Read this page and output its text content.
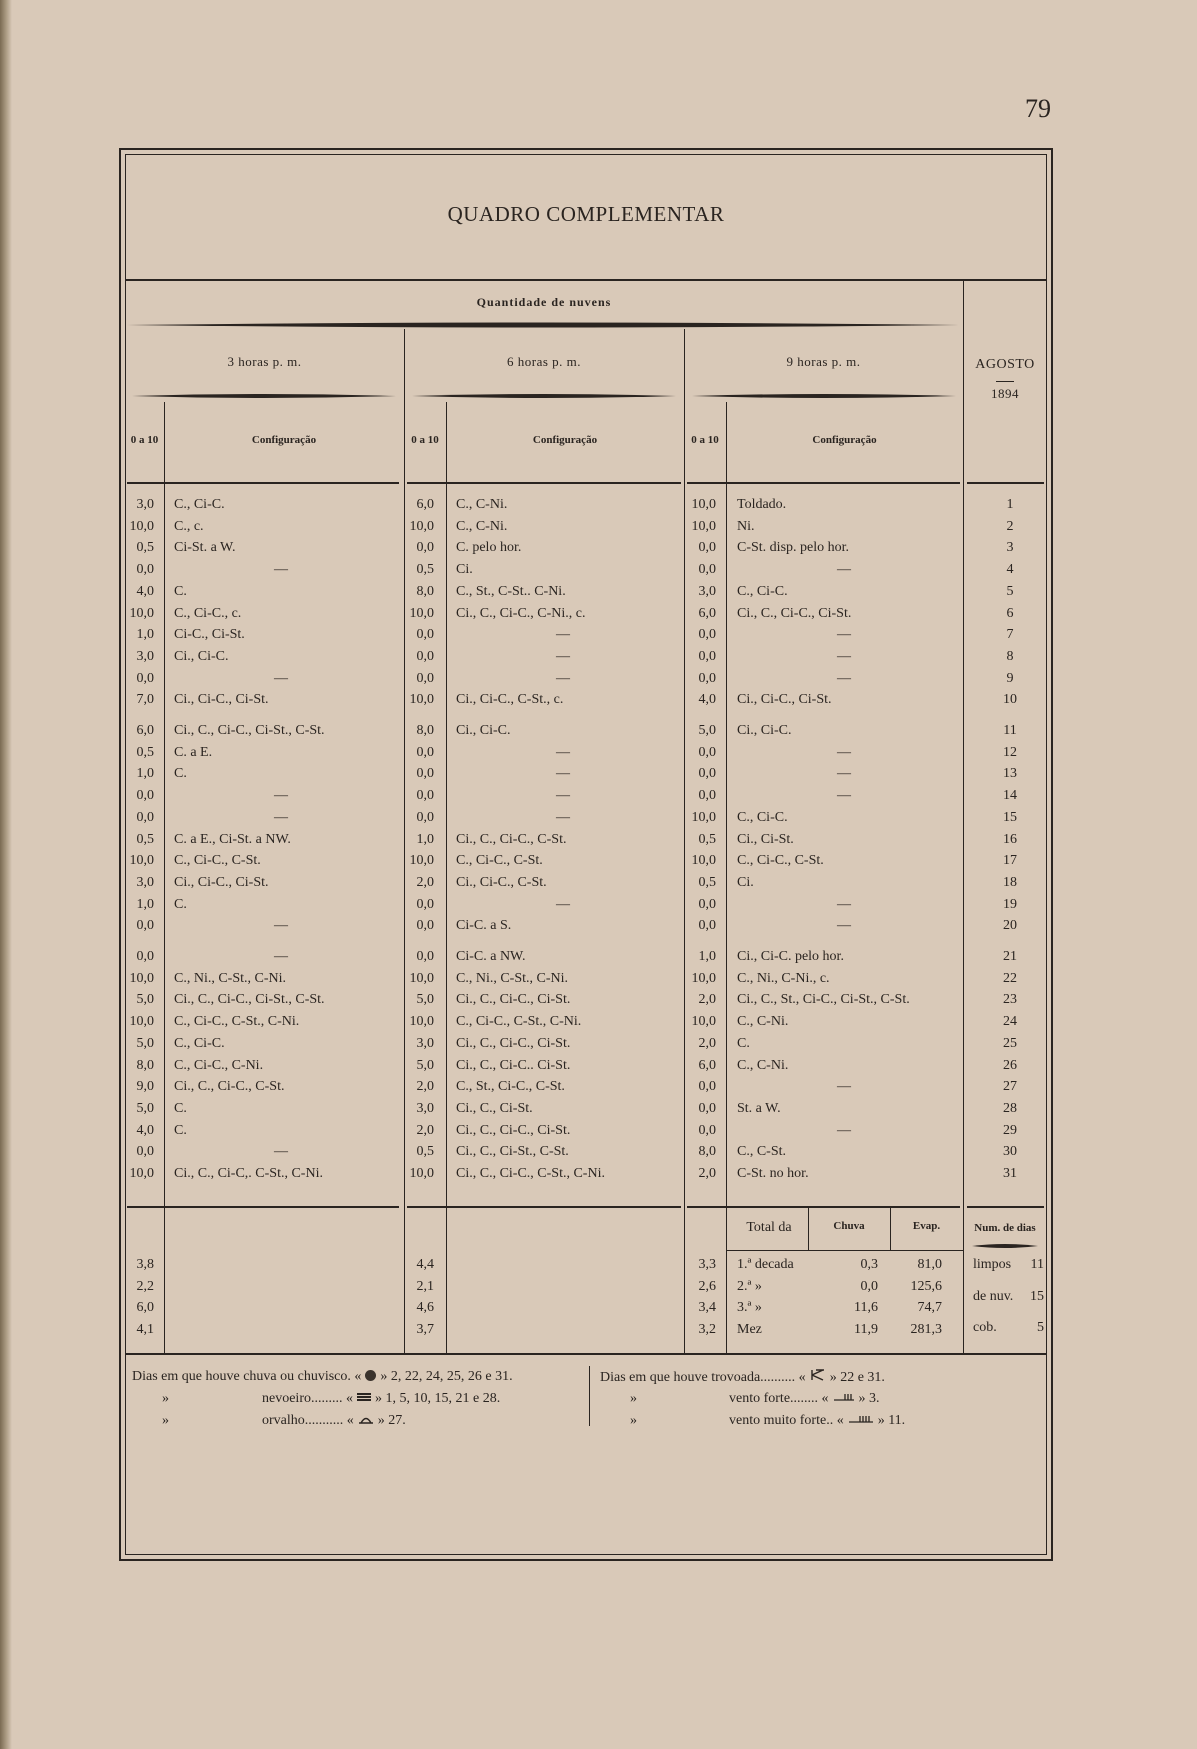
79
QUADRO COMPLEMENTAR
Quantidade de nuvens
3 horas p. m.	6 horas p. m.	9 horas p. m.	AGOSTO
1894
0 a 10	Configuração	0 a 10	Configuração	0 a 10	Configuração
3,0 C., Ci-C.	6,0 C., C-Ni.	10,0 Toldado.	1
10,0 C., c.	10,0 C., C-Ni.	10,0 Ni.	2
0,5 Ci-St. a W.	0,0 C. pelo hor.	0,0 C-St. disp. pelo hor.	3
0,0	—	0,5 Ci.	0,0	—	4
4,0 C.	8,0 C., St., C-St.. C-Ni.	3,0 C., Ci-C.	5
10,0 C., Ci-C., c.	10,0 Ci., C., Ci-C., C-Ni., c.	6,0 Ci., C., Ci-C., Ci-St.	6
1,0 Ci-C., Ci-St.	0,0	—	0,0	—	7
3,0 Ci., Ci-C.	0,0	—	0,0	—	8
0,0	—	0,0	—	0,0	—	9
7,0 Ci., Ci-C., Ci-St.	10,0 Ci., Ci-C., C-St., c.	4,0 Ci., Ci-C., Ci-St.	10
6,0 Ci., C., Ci-C., Ci-St., C-St.	8,0 Ci., Ci-C.	5,0 Ci., Ci-C.	11
0,5 C. a E.	0,0	—	0,0	—	12
1,0 C.	0,0	—	0,0	—	13
0,0	—	0,0	—	0,0	—	14
0,0	—	0,0	—	10,0 C., Ci-C.	15
0,5 C. a E., Ci-St. a NW.	1,0 Ci., C., Ci-C., C-St.	0,5 Ci., Ci-St.	16
10,0 C., Ci-C., C-St.	10,0 C., Ci-C., C-St.	10,0 C., Ci-C., C-St.	17
3,0 Ci., Ci-C., Ci-St.	2,0 Ci., Ci-C., C-St.	0,5 Ci.	18
1,0 C.	0,0	—	0,0	—	19
0,0	—	0,0 Ci-C. a S.	0,0	—	20
0,0	—	0,0 Ci-C. a NW.	1,0 Ci., Ci-C. pelo hor.	21
10,0 C., Ni., C-St., C-Ni.	10,0 C., Ni., C-St., C-Ni.	10,0 C., Ni., C-Ni., c.	22
5,0 Ci., C., Ci-C., Ci-St., C-St.	5,0 Ci., C., Ci-C., Ci-St.	2,0 Ci., C., St., Ci-C., Ci-St., C-St.	23
10,0 C., Ci-C., C-St., C-Ni.	10,0 C., Ci-C., C-St., C-Ni.	10,0 C., C-Ni.	24
5,0 C., Ci-C.	3,0 Ci., C., Ci-C., Ci-St.	2,0 C.	25
8,0 C., Ci-C., C-Ni.	5,0 Ci., C., Ci-C.. Ci-St.	6,0 C., C-Ni.	26
9,0 Ci., C., Ci-C., C-St.	2,0 C., St., Ci-C., C-St.	0,0	—	27
5,0 C.	3,0 Ci., C., Ci-St.	0,0 St. a W.	28
4,0 C.	2,0 Ci., C., Ci-C., Ci-St.	0,0	—	29
0,0	—	0,5 Ci., C., Ci-St., C-St.	8,0 C., C-St.	30
10,0 Ci., C., Ci-C,. C-St., C-Ni.	10,0 Ci., C., Ci-C., C-St., C-Ni.	2,0 C-St. no hor.	31
Total da	Chuva	Evap.	Num. de dias
3,8	4,4	3,3
2,2	2,1	2,6
6,0	4,6	3,4
4,1	3,7	3,2
1.ª decada	0,3	81,0
2.ª »	0,0	125,6
3.ª »	11,6	74,7
Mez	11,9	281,3
limpos	11
de nuv.	15
cob.	5
Dias em que houve chuva ou chuvisco. « » 2, 22, 24, 25, 26 e 31.	Dias em que houve trovoada.......... « » 22 e 31.
»	nevoeiro......... « » 1, 5, 10, 15, 21 e 28.	»	vento forte........ « » 3.
»	orvalho........... « » 27.	»	vento muito forte.. « » 11.
